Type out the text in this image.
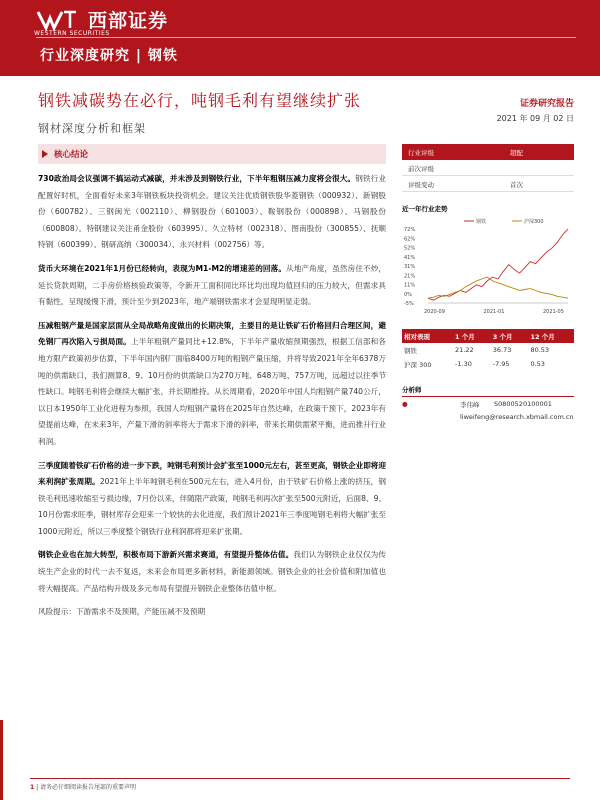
西部证券
WESTERN SECURITIES
行业深度研究 | 钢铁
钢铁减碳势在必行，吨钢毛利有望继续扩张	证券研究报告
2021 年 09 月 02 日
钢材深度分析和框架
核心结论
730政治局会议强调不搞运动式减碳，并未涉及到钢铁行业，下半年粗钢压减力度将会很大。钢铁行业配置好时机，全面看好未来3年钢铁板块投资机会。建议关注优质钢铁股华菱钢铁（000932）、新钢股份（600782）、三钢闽光（002110）、柳钢股份（601003）、鞍钢股份（000898）、马钢股份（600808）。特钢建议关注甬金股份（603995）、久立特材（002318）、图南股份（300855）、抚顺特钢（600399）、钢研高纳（300034）、永兴材料（002756）等。
货币大环境在2021年1月份已经转向，表现为M1-M2的增速差的回落。从地产角度，虽然房住不炒，延长贷款周期，二手房价格核验政策等，令新开工面积同比环比均出现均值回归的压力较大，但需求具有黏性，呈现缓慢下滑，预计至少到2023年，地产端钢铁需求才会显现明显走弱。
压减粗钢产量是国家层面从全局战略角度做出的长期决策，主要目的是让铁矿石价格回归合理区间，避免钢厂再次陷入亏损局面。上半年粗钢产量同比+12.8%，下半年产量收缩预期强烈，根据工信部和各地方限产政策初步估算，下半年国内钢厂面临8400万吨的粗钢产量压缩，并将导致2021年全年6378万吨的供需缺口，我们测算8、9、10月份的供需缺口为270万吨、648万吨、757万吨，远超过以往季节性缺口。吨钢毛利将会继续大幅扩张，并长期维持。从长周期看，2020年中国人均粗钢产量740公斤，以日本1950年工业化进程为参照，我国人均粗钢产量将在2025年自然达峰，在政策干预下，2023年有望提前达峰，在未来3年，产量下滑的斜率将大于需求下滑的斜率，带来长期供需紧平衡，进而推升行业利润。
三季度随着铁矿石价格的进一步下跌，吨钢毛利预计会扩张至1000元左右，甚至更高，钢铁企业即将迎来利润扩张周期。2021年上半年吨钢毛利在500元左右，进入4月份，由于铁矿石价格上涨的挤压，钢铁毛利迅速收缩至亏损边缘，7月份以来，伴随限产政策，吨钢毛利再次扩张至500元附近，后面8、9、10月份需求旺季，钢材库存会迎来一个较快的去化进度，我们预计2021年三季度吨钢毛利将大幅扩张至1000元附近，所以三季度整个钢铁行业利润都将迎来扩张期。
钢铁企业也在加大转型，积极布局下游新兴需求赛道，有望提升整体估值。我们认为钢铁企业仅仅为传统生产企业的时代一去不复返，未来会布局更多新材料，新能源领域。钢铁企业的社会价值和附加值也将大幅提高。产品结构升级及多元布局有望提升钢铁企业整体估值中枢。
风险提示：下游需求不及预期，产能压减不及预期
行业评级	超配
前次评级
评级变动	首次
近一年行业走势
72%
62%
52%
41%
31%
21%
11%
0%
-5%
2020-09	2021-01	2021-05
钢铁	沪深300
相对表现	1 个月	3 个月	12 个月
钢铁	21.22	36.73	80.53
沪深 300	-1.30	-7.95	0.53
分析师
●	李伟峰 S0800520100001
liweifeng@research.xbmail.com.cn
1 | 请务必仔细阅读报告尾部的重要声明
